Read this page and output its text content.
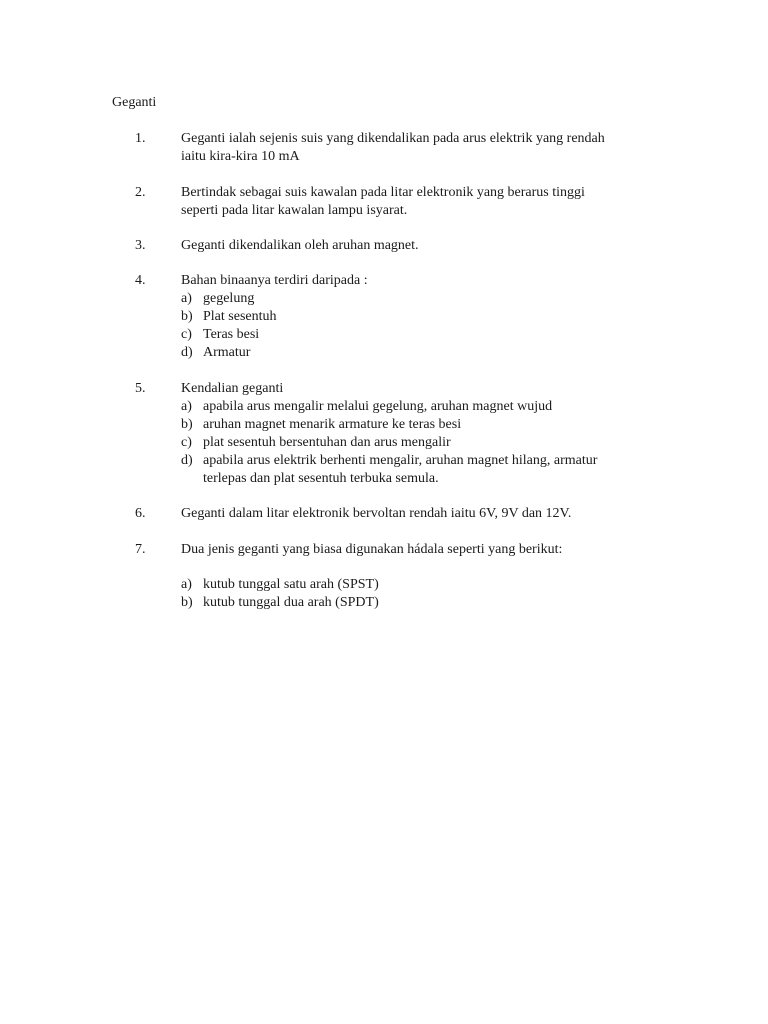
Geganti
1.	Geganti ialah sejenis suis yang dikendalikan pada arus elektrik yang rendah
iaitu kira-kira 10 mA
2.	Bertindak sebagai suis kawalan pada litar elektronik yang berarus tinggi
seperti pada litar kawalan lampu isyarat.
3.	Geganti dikendalikan oleh aruhan magnet.
4.	Bahan binaanya terdiri daripada :
a) gegelung
b) Plat sesentuh
c) Teras besi
d) Armatur
5.	Kendalian geganti
a) apabila arus mengalir melalui gegelung, aruhan magnet wujud
b) aruhan magnet menarik armature ke teras besi
c) plat sesentuh bersentuhan dan arus mengalir
d) apabila arus elektrik berhenti mengalir, aruhan magnet hilang, armatur
terlepas dan plat sesentuh terbuka semula.
6.	Geganti dalam litar elektronik bervoltan rendah iaitu 6V, 9V dan 12V.
7.	Dua jenis geganti yang biasa digunakan hádala seperti yang berikut:
a) kutub tunggal satu arah (SPST)
b) kutub tunggal dua arah (SPDT)
